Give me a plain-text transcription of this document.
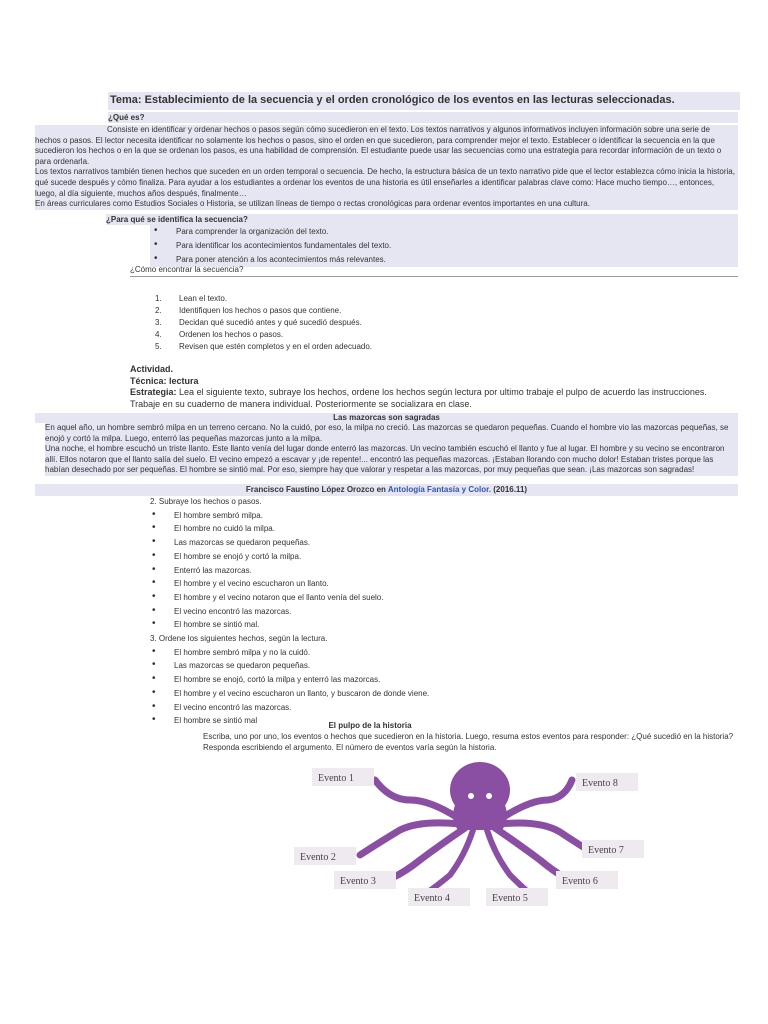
Tema: Establecimiento de la secuencia y el orden cronológico de los eventos en las lecturas seleccionadas.
¿Qué es?

Consiste en identificar y ordenar hechos o pasos según cómo sucedieron en el texto. Los textos narrativos y algunos informativos incluyen información sobre una serie de hechos o pasos. El lector necesita identificar no solamente los hechos o pasos, sino el orden en que sucedieron, para comprender mejor el texto. Establecer o identificar la secuencia en la que sucedieron los hechos o en la que se ordenan los pasos, es una habilidad de comprensión. El estudiante puede usar las secuencias como una estrategia para recordar información de un texto o para ordenarla.

Los textos narrativos también tienen hechos que suceden en un orden temporal o secuencia. De hecho, la estructura básica de un texto narrativo pide que el lector establezca cómo inicia la historia, qué sucede después y cómo finaliza. Para ayudar a los estudiantes a ordenar los eventos de una historia es útil enseñarles a identificar palabras clave como: Hace mucho tiempo…, entonces, luego, al día siguiente, muchos años después, finalmente…

En áreas curriculares como Estudios Sociales o Historia, se utilizan líneas de tiempo o rectas cronológicas para ordenar eventos importantes en una cultura.

¿Para qué se identifica la secuencia?
• Para comprender la organización del texto.
• Para identificar los acontecimientos fundamentales del texto.
• Para poner atención a los acontecimientos más relevantes.
¿Cómo encontrar la secuencia?
1. Lean el texto.
2. Identifiquen los hechos o pasos que contiene.
3. Decidan qué sucedió antes y qué sucedió después.
4. Ordenen los hechos o pasos.
5. Revisen que estén completos y en el orden adecuado.
Actividad.
Técnica: lectura
Estrategia: Lea el siguiente texto, subraye los hechos, ordene los hechos según lectura por ultimo trabaje el pulpo de acuerdo las instrucciones. Trabaje en su cuaderno de manera individual. Posteriormente se socializara en clase.
Las mazorcas son sagradas

En aquel año, un hombre sembró milpa en un terreno cercano. No la cuidó, por eso, la milpa no creció. Las mazorcas se quedaron pequeñas. Cuando el hombre vio las mazorcas pequeñas, se enojó y cortó la milpa. Luego, enterró las pequeñas mazorcas junto a la milpa.

Una noche, el hombre escuchó un triste llanto. Este llanto venía del lugar donde enterró las mazorcas. Un vecino también escuchó el llanto y fue al lugar. El hombre y su vecino se encontraron allí. Ellos notaron que el llanto salía del suelo. El vecino empezó a escavar y ¡de repente!... encontró las pequeñas mazorcas. ¡Estaban llorando con mucho dolor! Estaban tristes porque las habían desechado por ser pequeñas. El hombre se sintió mal. Por eso, siempre hay que valorar y respetar a las mazorcas, por muy pequeñas que sean. ¡Las mazorcas son sagradas!

Francisco Faustino López Orozco en Antología Fantasía y Color. (2016.11)
2. Subraye los hechos o pasos.
• El hombre sembró milpa.
• El hombre no cuidó la milpa.
• Las mazorcas se quedaron pequeñas.
• El hombre se enojó y cortó la milpa.
• Enterró las mazorcas.
• El hombre y el vecino escucharon un llanto.
• El hombre y el vecino notaron que el llanto venía del suelo.
• El vecino encontró las mazorcas.
• El hombre se sintió mal.
3. Ordene los siguientes hechos, según la lectura.
• El hombre sembró milpa y no la cuidó.
• Las mazorcas se quedaron pequeñas.
• El hombre se enojó, cortó la milpa y enterró las mazorcas.
• El hombre y el vecino escucharon un llanto, y buscaron de donde viene.
• El vecino encontró las mazorcas.
• El hombre se sintió mal
El pulpo de la historia
Escriba, uno por uno, los eventos o hechos que sucedieron en la historia. Luego, resuma estos eventos para responder: ¿Qué sucedió en la historia? Responda escribiendo el argumento. El número de eventos varía según la historia.
Evento 1
Evento 2
Evento 3
Evento 4	Evento 5
Evento 6
Evento 7
Evento 8
